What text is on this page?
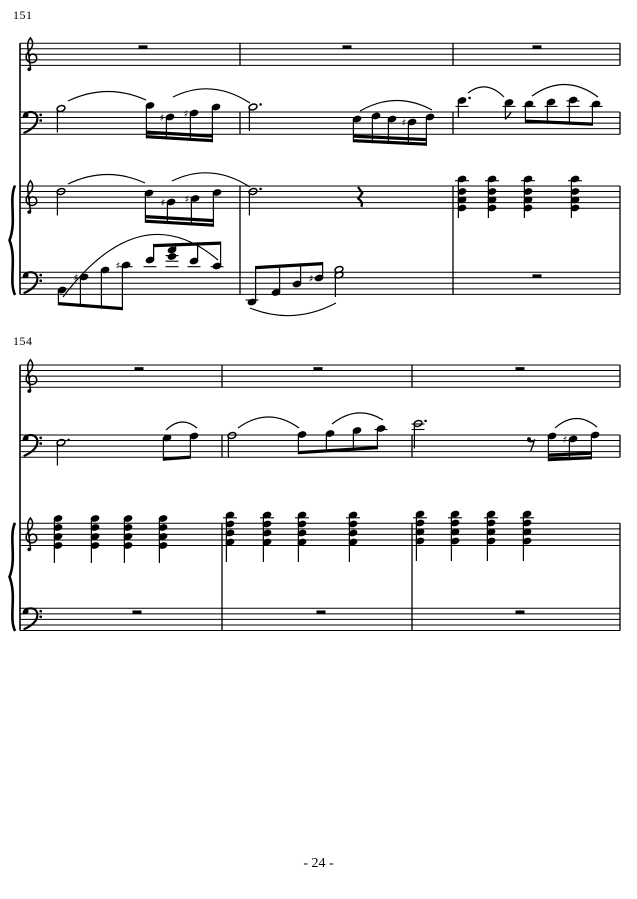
♯ ♯
♯
♯ ♯
♯
♯
♯
♯
151
154
- 24 -
